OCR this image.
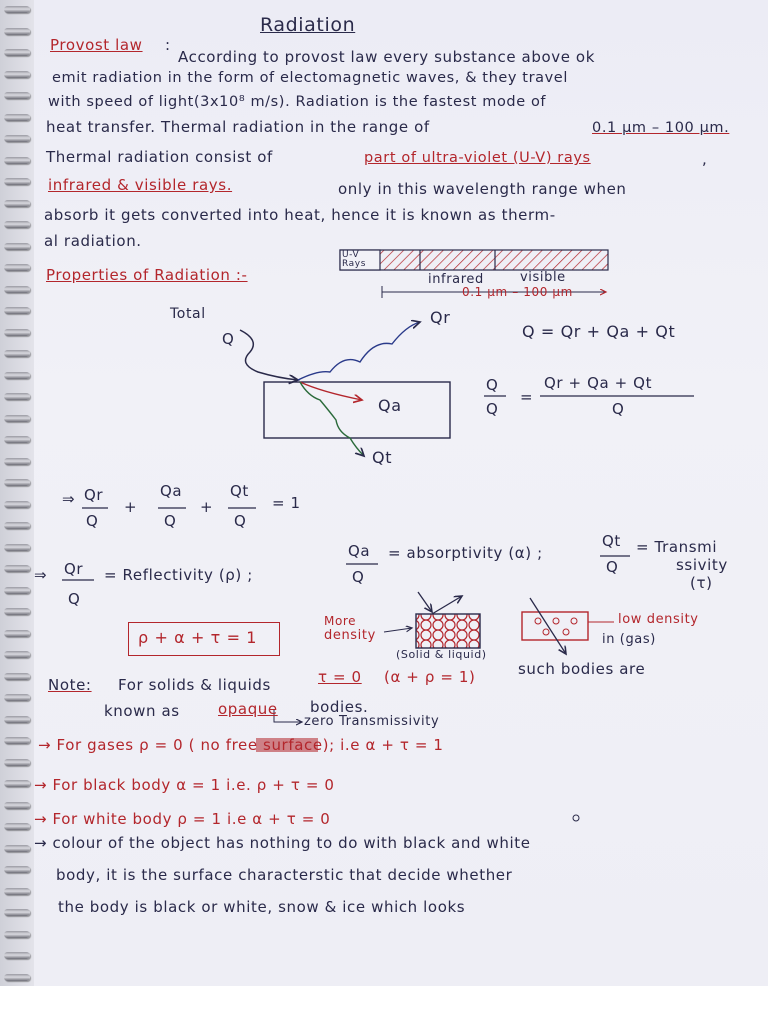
Radiation
Provost law :
According to provost law every substance above ok
emit radiation in the form of electomagnetic waves, & they travel
with speed of light(3x10⁸ m/s). Radiation is the fastest mode of
heat transfer. Thermal radiation in the range of	0.1 μm – 100 μm.
Thermal radiation consist of	part of ultra-violet (U-V) rays	,
infrared & visible rays.	only in this wavelength range when
absorb it gets converted into heat, hence it is known as therm-
al radiation.
Properties of Radiation :-
U-V Rays
infrared	visible
0.1 μm – 100 μm
Total
Q
Qr
Qa
Qt
Q = Qr + Qa + Qt
Q
Q
=
Qr + Qa + Qt
Q
⇒ Qr
Q
+
Qa
Q
+
Qt
Q
= 1
⇒ Qr
Q
= Reflectivity (ρ) ;
Qa
Q
= absorptivity (α) ;
Qt
Q
= Transmi
ssivity
(τ)
ρ + α + τ = 1
More
density
(Solid & liquid)
low density
in (gas)
Note: For solids & liquids	τ = 0 (α + ρ = 1)	such bodies are
known as	opaque bodies.
zero Transmissivity
→ For gases ρ = 0 ( no free surface); i.e α + τ = 1
→ For black body α = 1 i.e. ρ + τ = 0
→ For white body ρ = 1 i.e α + τ = 0
→ colour of the object has nothing to do with black and white
body, it is the surface characterstic that decide whether
the body is black or white, snow & ice which looks
